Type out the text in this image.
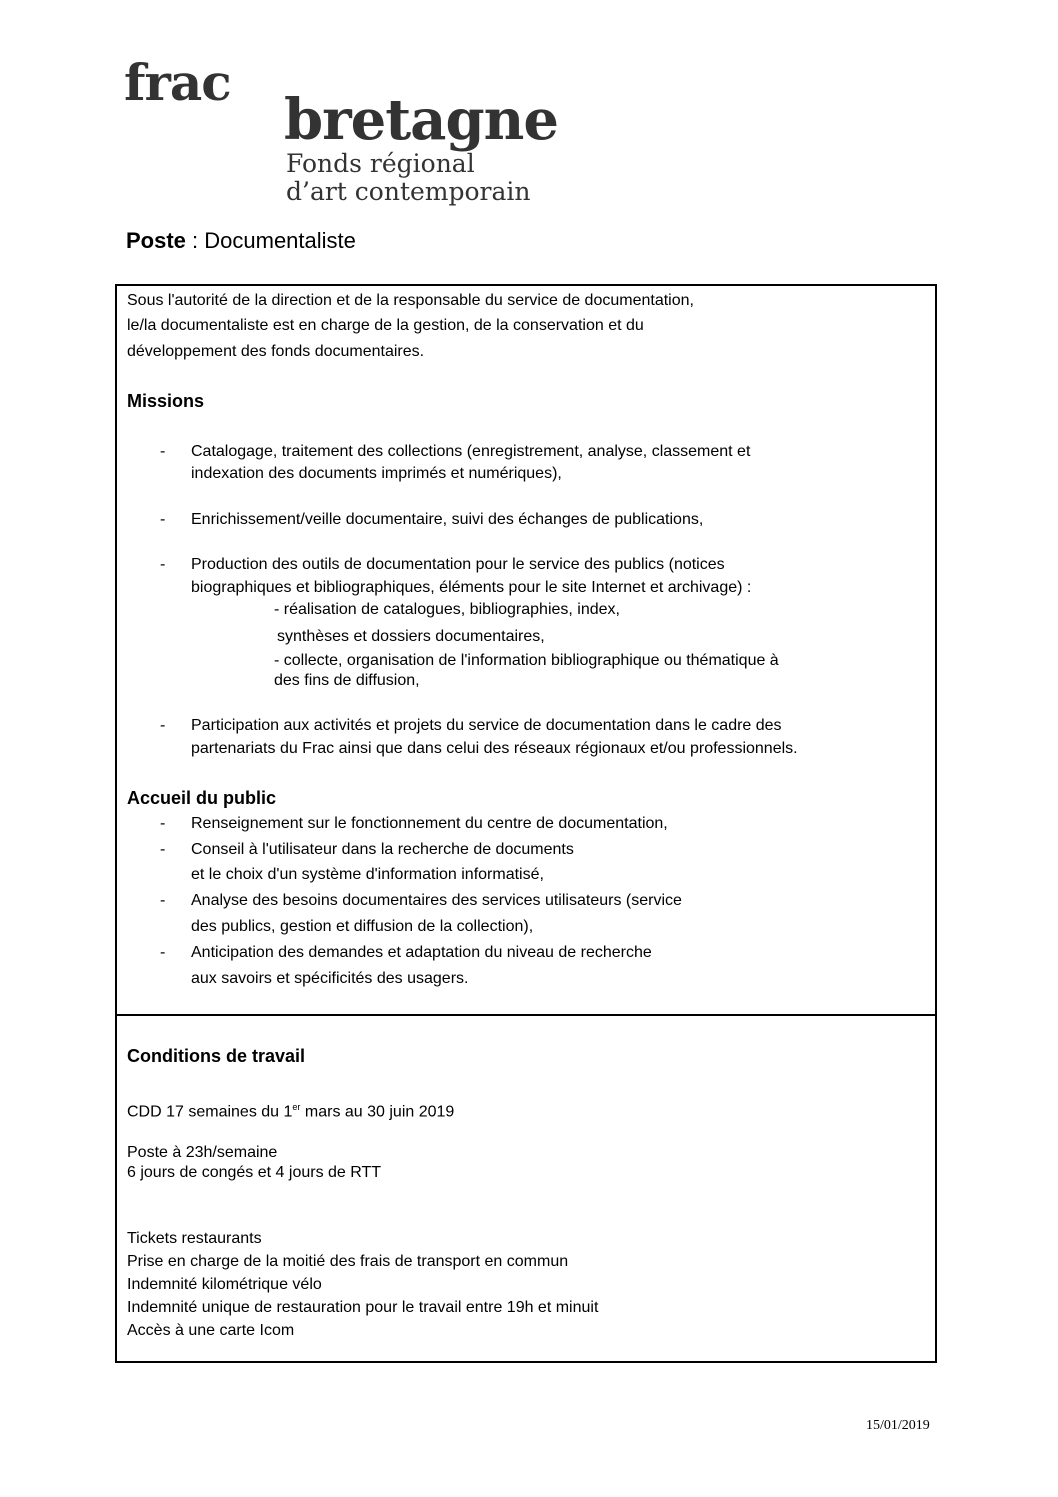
frac
bretagne
Fonds régional
d’art contemporain
Poste : Documentaliste
Sous l'autorité de la direction et de la responsable du service de documentation,
le/la documentaliste est en charge de la gestion, de la conservation et du
développement des fonds documentaires.
Missions
- Catalogage, traitement des collections (enregistrement, analyse, classement et
indexation des documents imprimés et numériques),
- Enrichissement/veille documentaire, suivi des échanges de publications,
- Production des outils de documentation pour le service des publics (notices
biographiques et bibliographiques, éléments pour le site Internet et archivage) :
- réalisation de catalogues, bibliographies, index,
synthèses et dossiers documentaires,
- collecte, organisation de l'information bibliographique ou thématique à
des fins de diffusion,
- Participation aux activités et projets du service de documentation dans le cadre des
partenariats du Frac ainsi que dans celui des réseaux régionaux et/ou professionnels.
Accueil du public
- Renseignement sur le fonctionnement du centre de documentation,
- Conseil à l'utilisateur dans la recherche de documents
et le choix d'un système d'information informatisé,
- Analyse des besoins documentaires des services utilisateurs (service
des publics, gestion et diffusion de la collection),
- Anticipation des demandes et adaptation du niveau de recherche
aux savoirs et spécificités des usagers.
Conditions de travail
CDD 17 semaines du 1er mars au 30 juin 2019
Poste à 23h/semaine
6 jours de congés et 4 jours de RTT
Tickets restaurants
Prise en charge de la moitié des frais de transport en commun
Indemnité kilométrique vélo
Indemnité unique de restauration pour le travail entre 19h et minuit
Accès à une carte Icom
15/01/2019
